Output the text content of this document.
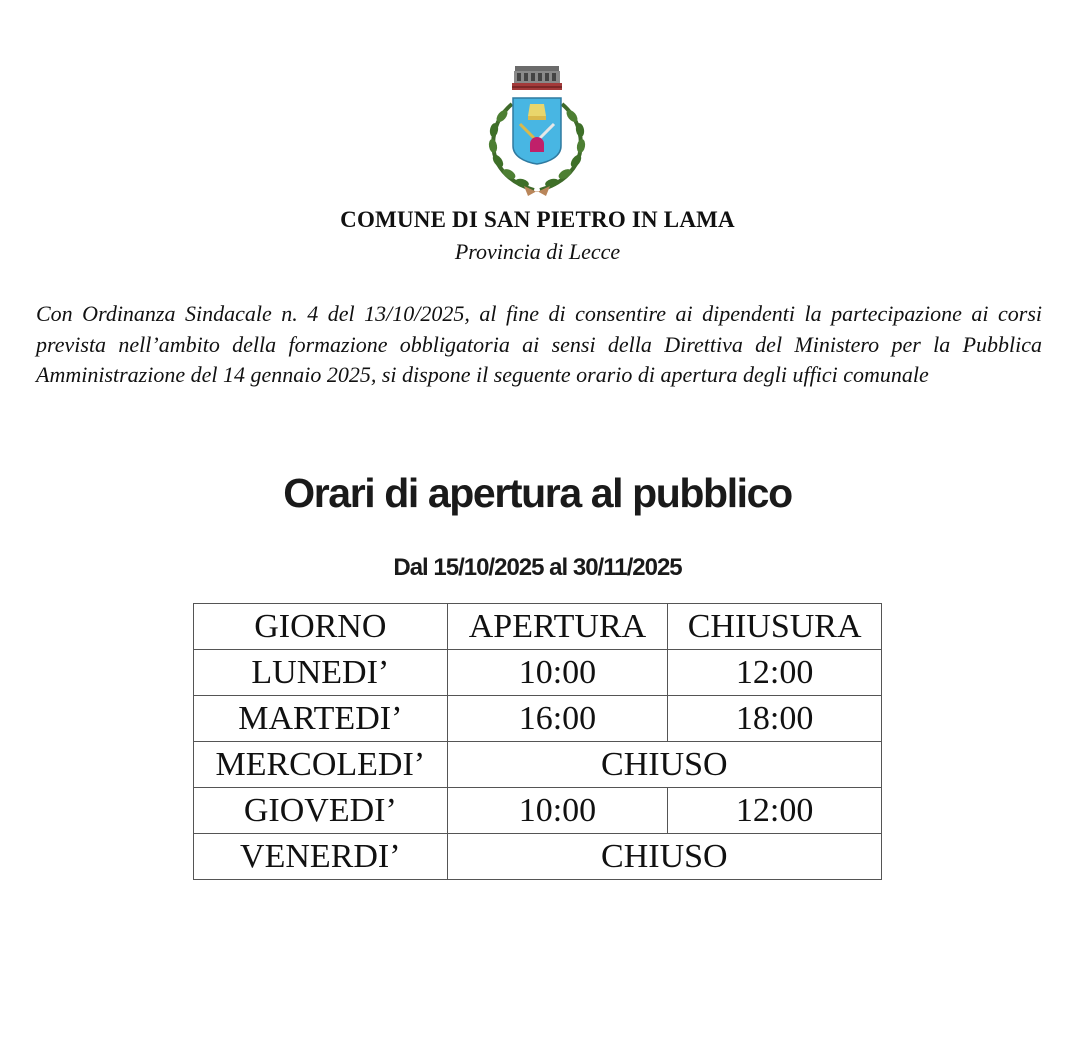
COMUNE DI SAN PIETRO IN LAMA
Provincia di Lecce

Con Ordinanza Sindacale n. 4 del 13/10/2025, al fine di consentire ai dipendenti la partecipazione ai corsi prevista nell’ambito della formazione obbligatoria ai sensi della Direttiva del Ministero per la Pubblica Amministrazione del 14 gennaio 2025, si dispone il seguente orario di apertura degli uffici comunale

Orari di apertura al pubblico
Dal 15/10/2025 al 30/11/2025
GIORNO	APERTURA	CHIUSURA
LUNEDI’	10:00	12:00
MARTEDI’	16:00	18:00
MERCOLEDI’	CHIUSO	
GIOVEDI’	10:00	12:00
VENERDI’	CHIUSO	
